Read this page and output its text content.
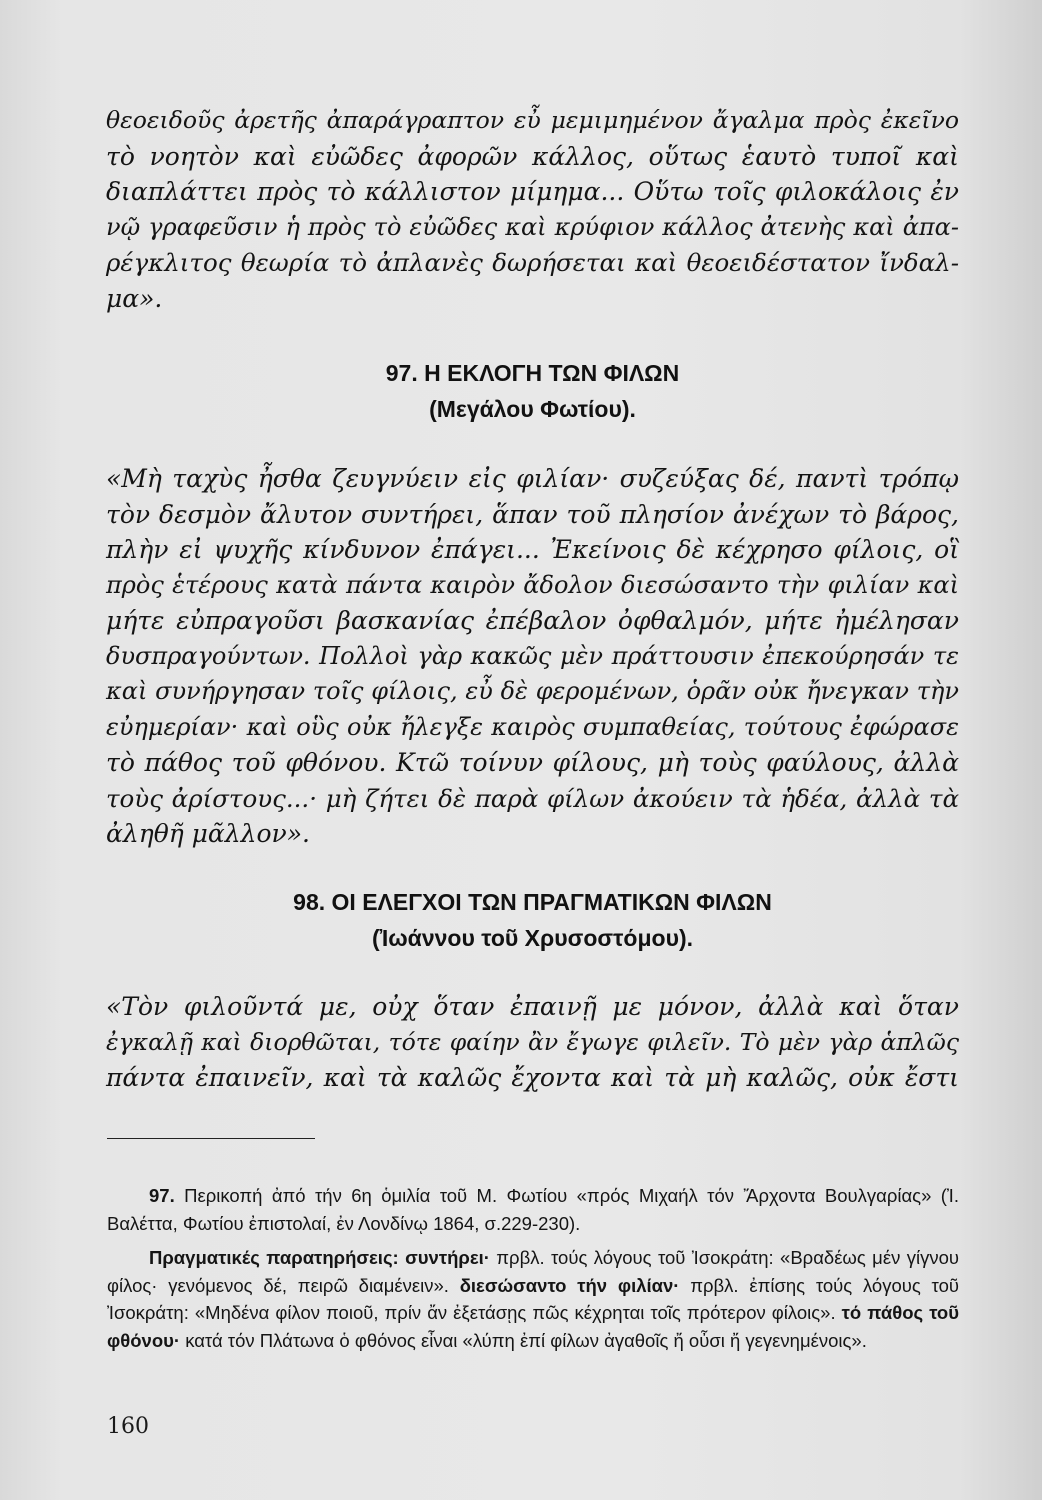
θεοειδοῦς ἀρετῆς ἀπαράγραπτον εὖ μεμιμημένον ἄγαλμα πρὸς ἐκεῖνο
τὸ νοητὸν καὶ εὐῶδες ἀφορῶν κάλλος, οὕτως ἑαυτὸ τυποῖ καὶ
διαπλάττει πρὸς τὸ κάλλιστον μίμημα... Οὕτω τοῖς φιλοκάλοις ἐν
νῷ γραφεῦσιν ἡ πρὸς τὸ εὐῶδες καὶ κρύφιον κάλλος ἀτενὴς καὶ ἀπα-
ρέγκλιτος θεωρία τὸ ἀπλανὲς δωρήσεται καὶ θεοειδέστατον ἴνδαλ-
μα».
97. Η ΕΚΛΟΓΗ ΤΩΝ ΦΙΛΩΝ
(Μεγάλου Φωτίου).
«Μὴ ταχὺς ἦσθα ζευγνύειν εἰς φιλίαν· συζεύξας δέ, παντὶ τρόπῳ
τὸν δεσμὸν ἄλυτον συντήρει, ἅπαν τοῦ πλησίον ἀνέχων τὸ βάρος,
πλὴν εἰ ψυχῆς κίνδυνον ἐπάγει... Ἐκείνοις δὲ κέχρησο φίλοις, οἳ
πρὸς ἑτέρους κατὰ πάντα καιρὸν ἄδολον διεσώσαντο τὴν φιλίαν καὶ
μήτε εὐπραγοῦσι βασκανίας ἐπέβαλον ὀφθαλμόν, μήτε ἠμέλησαν
δυσπραγούντων. Πολλοὶ γὰρ κακῶς μὲν πράττουσιν ἐπεκούρησάν τε
καὶ συνήργησαν τοῖς φίλοις, εὖ δὲ φερομένων, ὁρᾶν οὐκ ἤνεγκαν τὴν
εὐημερίαν· καὶ οὓς οὐκ ἤλεγξε καιρὸς συμπαθείας, τούτους ἐφώρασε
τὸ πάθος τοῦ φθόνου. Κτῶ τοίνυν φίλους, μὴ τοὺς φαύλους, ἀλλὰ
τοὺς ἀρίστους...· μὴ ζήτει δὲ παρὰ φίλων ἀκούειν τὰ ἡδέα, ἀλλὰ τὰ
ἀληθῆ μᾶλλον».
98. ΟΙ ΕΛΕΓΧΟΙ ΤΩΝ ΠΡΑΓΜΑΤΙΚΩΝ ΦΙΛΩΝ
(Ἰωάννου τοῦ Χρυσοστόμου).
«Τὸν φιλοῦντά με, οὐχ ὅταν ἐπαινῇ με μόνον, ἀλλὰ καὶ ὅταν
ἐγκαλῇ καὶ διορθῶται, τότε φαίην ἂν ἔγωγε φιλεῖν. Τὸ μὲν γὰρ ἁπλῶς
πάντα ἐπαινεῖν, καὶ τὰ καλῶς ἔχοντα καὶ τὰ μὴ καλῶς, οὐκ ἔστι

97. Περικοπή ἀπό τήν 6η ὁμιλία τοῦ Μ. Φωτίου «πρός Μιχαήλ τόν Ἄρχοντα Βουλγαρίας» (Ἰ. Βαλέττα, Φωτίου ἐπιστολαί, ἐν Λονδίνῳ 1864, σ.229-230).

Πραγματικές παρατηρήσεις: συντήρει· πρβλ. τούς λόγους τοῦ Ἰσοκράτη: «Βραδέως μέν γίγνου φίλος· γενόμενος δέ, πειρῶ διαμένειν». διεσώσαντο τήν φιλίαν· πρβλ. ἐπίσης τούς λόγους τοῦ Ἰσοκράτη: «Μηδένα φίλον ποιοῦ, πρίν ἄν ἐξετάσῃς πῶς κέχρηται τοῖς πρότερον φίλοις». τό πάθος τοῦ φθόνου· κατά τόν Πλάτωνα ὁ φθόνος εἶναι «λύπη ἐπί φίλων ἀγαθοῖς ἤ οὖσι ἤ γεγενημένοις».

160
